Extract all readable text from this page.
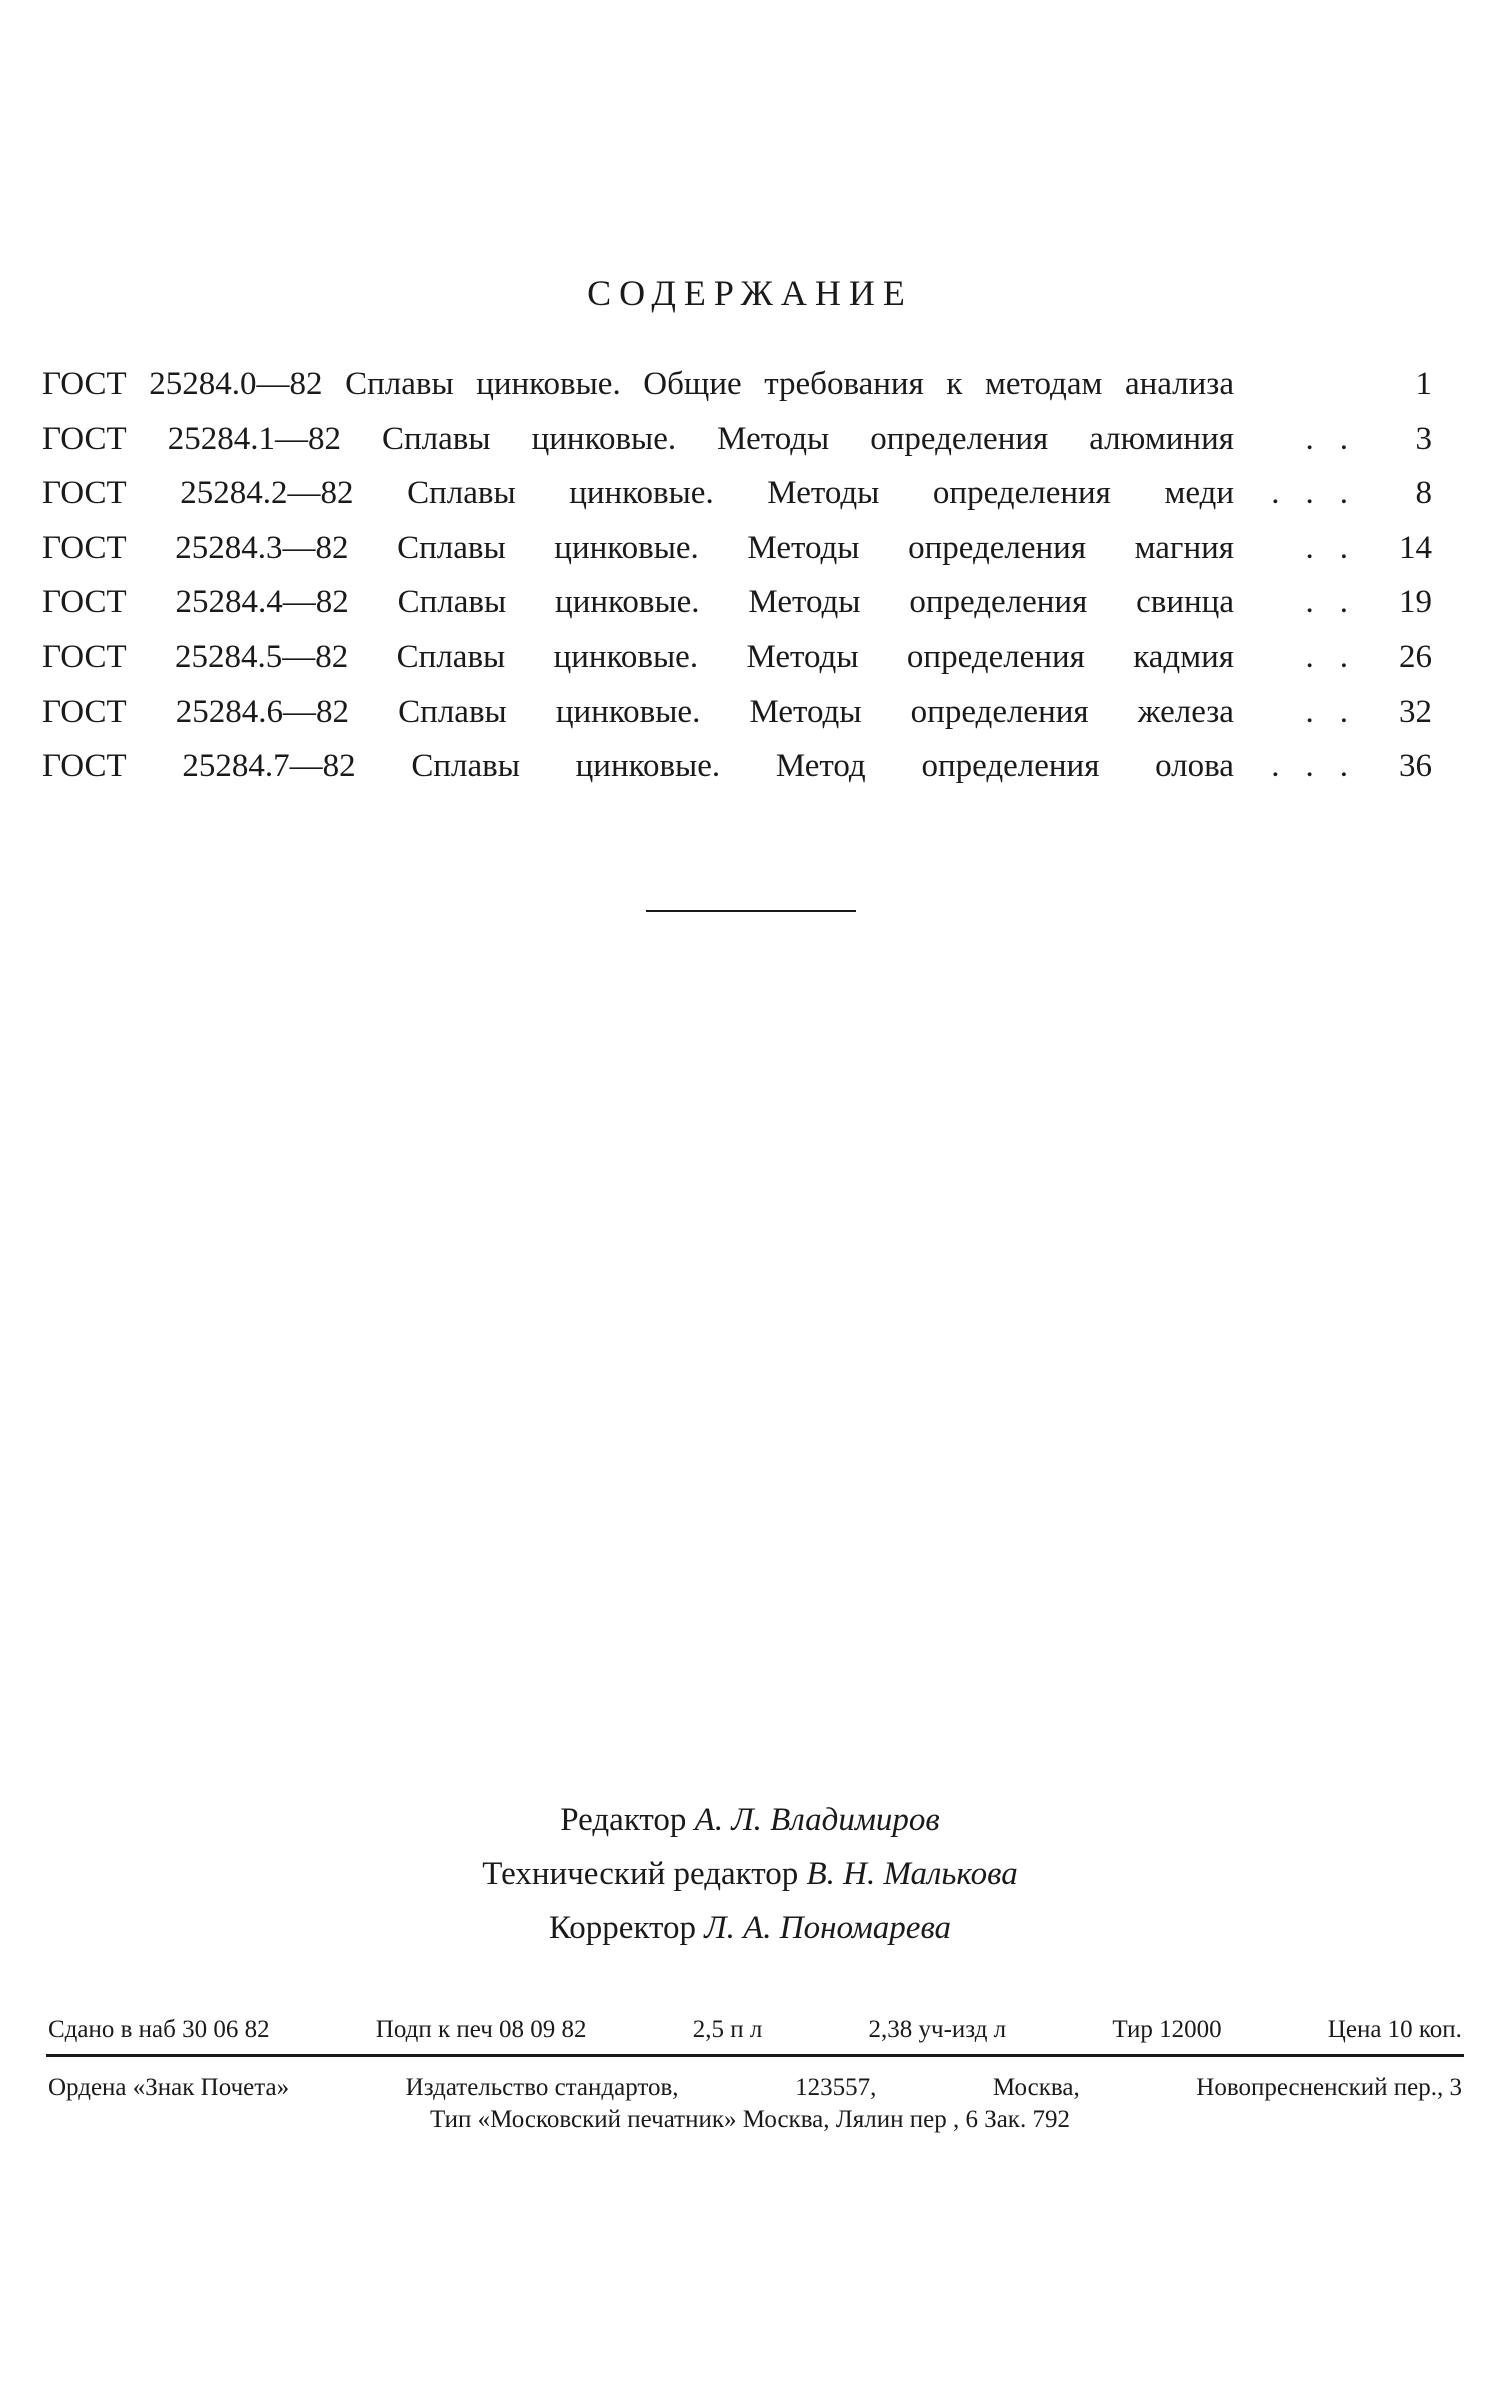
СОДЕРЖАНИЕ
ГОСТ 25284.0—82 Сплавы цинковые. Общие требования к методам анализа	1
ГОСТ 25284.1—82 Сплавы цинковые. Методы определения алюминия	..	3
ГОСТ 25284.2—82 Сплавы цинковые. Методы определения меди	...	8
ГОСТ 25284.3—82 Сплавы цинковые. Методы определения магния	.. 14
ГОСТ 25284.4—82 Сплавы цинковые. Методы определения свинца	.. 19
ГОСТ 25284.5—82 Сплавы цинковые. Методы определения кадмия	.. 26
ГОСТ 25284.6—82 Сплавы цинковые. Методы определения железа	.. 32
ГОСТ 25284.7—82 Сплавы цинковые. Метод определения олова	... 36
Редактор А. Л. Владимиров
Технический редактор В. Н. Малькова
Корректор Л. А. Пономарева
Сдано в наб 30 06 82	Подп к печ 08 09 82	2,5 п л	2,38 уч-изд л	Тир 12000	Цена 10 коп.
Ордена «Знак Почета»	Издательство стандартов,	123557,	Москва,	Новопресненский пер., 3
Тип «Московский печатник» Москва, Лялин пер , 6 Зак. 792
